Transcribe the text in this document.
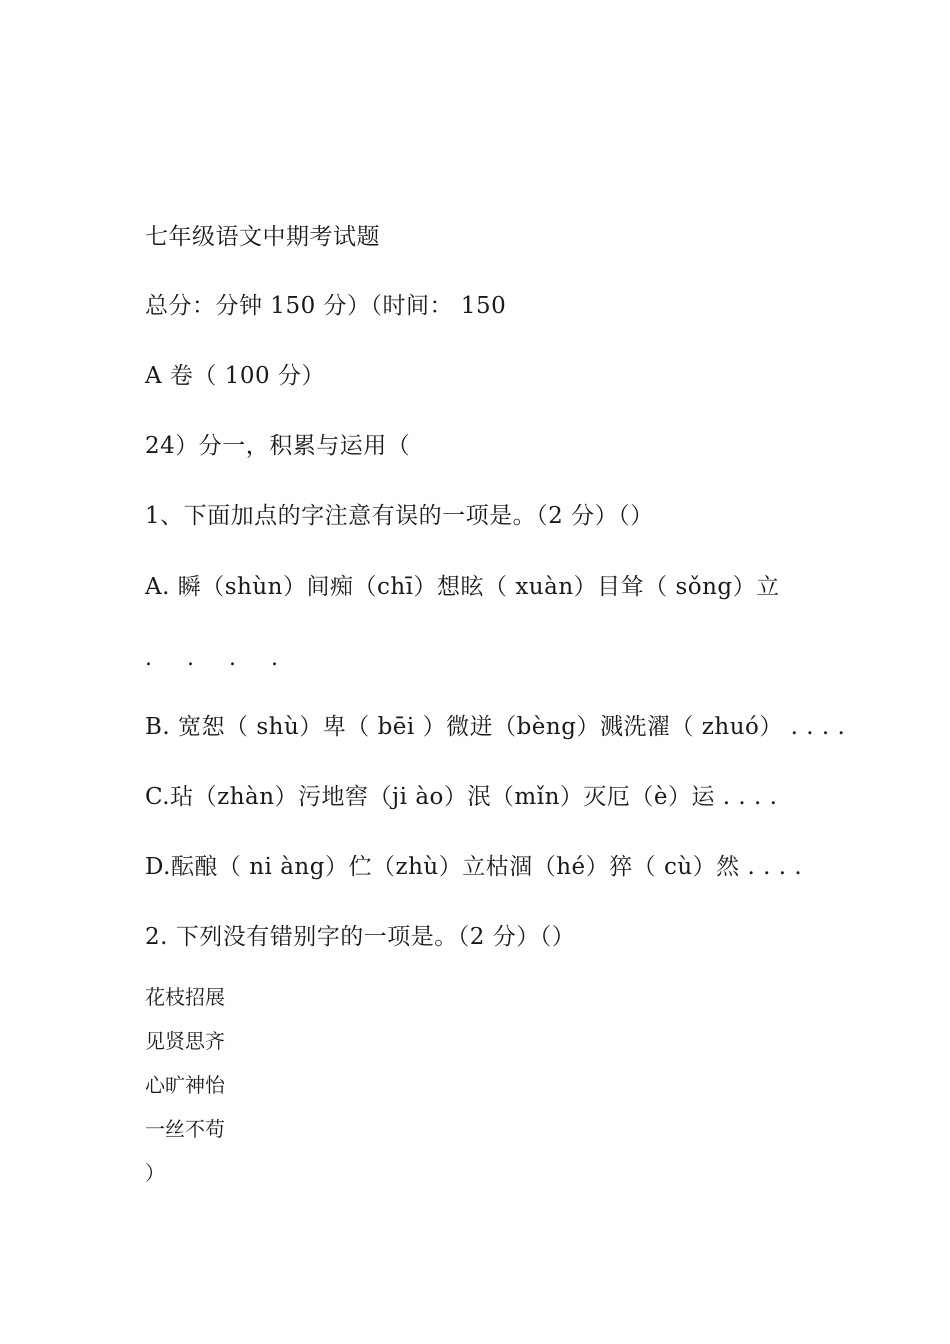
七年级语文中期考试题
总分：分钟 150 分）（时间： 150
A 卷（ 100 分）
24）分一，积累与运用（
1、下面加点的字注意有误的一项是。（2 分）（）
A. 瞬（shùn）间痴（chī）想眩（ xuàn）目耸（ sǒng）立
. . . .
B. 宽恕（ shù）卑（ bēi ）微迸（bèng）溅洗濯（ zhuó） . . . .
C.玷（zhàn）污地窖（ji ào）泯（mǐn）灭厄（è）运 . . . .
D.酝酿（ ni àng）伫（zhù）立枯涸（hé）猝（ cù）然 . . . .
2. 下列没有错别字的一项是。（2 分）（）
花枝招展
见贤思齐
心旷神怡
一丝不苟
）
